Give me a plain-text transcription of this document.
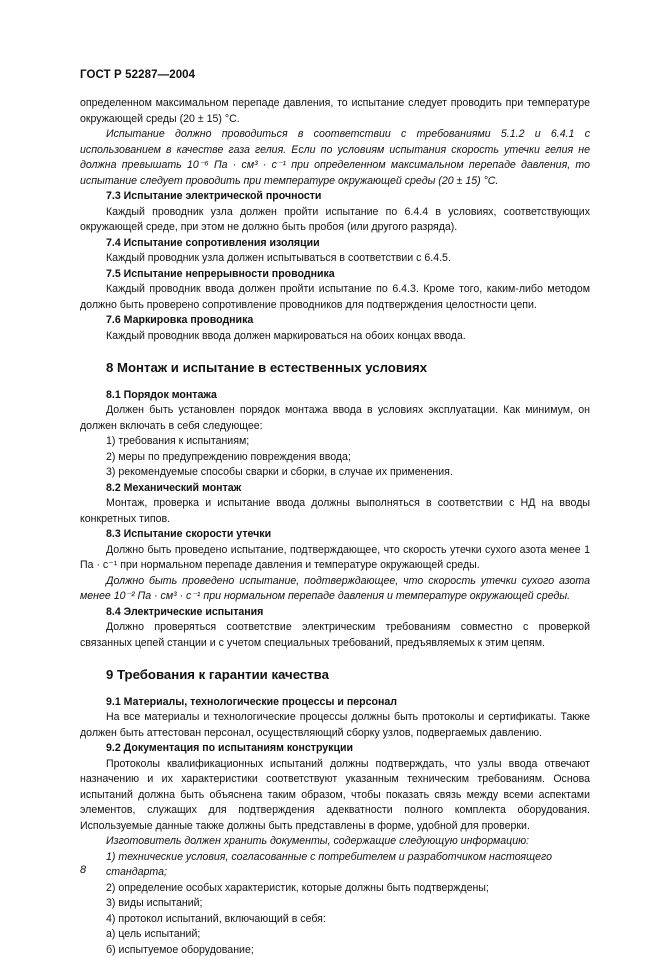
ГОСТ Р 52287—2004
определенном максимальном перепаде давления, то испытание следует проводить при температуре окружающей среды (20 ± 15) °С.
Испытание должно проводиться в соответствии с требованиями 5.1.2 и 6.4.1 с использованием в качестве газа гелия. Если по условиям испытания скорость утечки гелия не должна превышать 10⁻⁶ Па · см³ · с⁻¹ при определенном максимальном перепаде давления, то испытание следует проводить при температуре окружающей среды (20 ± 15) °С.
7.3 Испытание электрической прочности
Каждый проводник узла должен пройти испытание по 6.4.4 в условиях, соответствующих окружающей среде, при этом не должно быть пробоя (или другого разряда).
7.4 Испытание сопротивления изоляции
Каждый проводник узла должен испытываться в соответствии с 6.4.5.
7.5 Испытание непрерывности проводника
Каждый проводник ввода должен пройти испытание по 6.4.3. Кроме того, каким-либо методом должно быть проверено сопротивление проводников для подтверждения целостности цепи.
7.6 Маркировка проводника
Каждый проводник ввода должен маркироваться на обоих концах ввода.
8 Монтаж и испытание в естественных условиях
8.1 Порядок монтажа
Должен быть установлен порядок монтажа ввода в условиях эксплуатации. Как минимум, он должен включать в себя следующее:
1) требования к испытаниям;
2) меры по предупреждению повреждения ввода;
3) рекомендуемые способы сварки и сборки, в случае их применения.
8.2 Механический монтаж
Монтаж, проверка и испытание ввода должны выполняться в соответствии с НД на вводы конкретных типов.
8.3 Испытание скорости утечки
Должно быть проведено испытание, подтверждающее, что скорость утечки сухого азота менее 1 Па · с⁻¹ при нормальном перепаде давления и температуре окружающей среды.
Должно быть проведено испытание, подтверждающее, что скорость утечки сухого азота менее 10⁻² Па · см³ · с⁻¹ при нормальном перепаде давления и температуре окружающей среды.
8.4 Электрические испытания
Должно проверяться соответствие электрическим требованиям совместно с проверкой связанных цепей станции и с учетом специальных требований, предъявляемых к этим цепям.
9 Требования к гарантии качества
9.1 Материалы, технологические процессы и персонал
На все материалы и технологические процессы должны быть протоколы и сертификаты. Также должен быть аттестован персонал, осуществляющий сборку узлов, подвергаемых давлению.
9.2 Документация по испытаниям конструкции
Протоколы квалификационных испытаний должны подтверждать, что узлы ввода отвечают назначению и их характеристики соответствуют указанным техническим требованиям. Основа испытаний должна быть объяснена таким образом, чтобы показать связь между всеми аспектами элементов, служащих для подтверждения адекватности полного комплекта оборудования. Используемые данные также должны быть представлены в форме, удобной для проверки.
Изготовитель должен хранить документы, содержащие следующую информацию:
1) технические условия, согласованные с потребителем и разработчиком настоящего стандарта;
2) определение особых характеристик, которые должны быть подтверждены;
3) виды испытаний;
4) протокол испытаний, включающий в себя:
а) цель испытаний;
б) испытуемое оборудование;
8
